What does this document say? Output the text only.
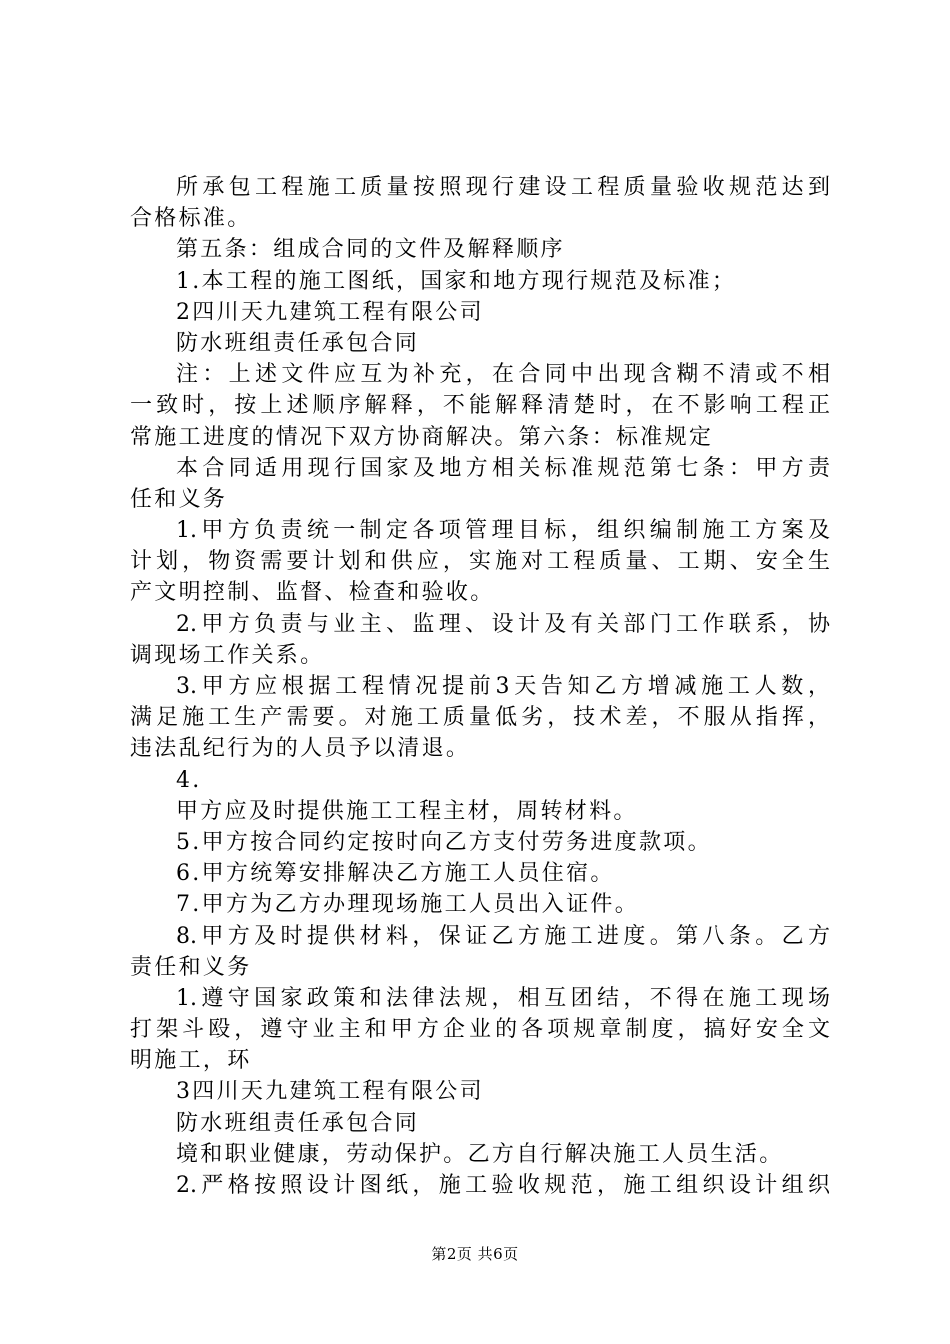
所承包工程施工质量按照现行建设工程质量验收规范达到
合格标准。
第五条：组成合同的文件及解释顺序
1.本工程的施工图纸，国家和地方现行规范及标准；
2四川天九建筑工程有限公司
防水班组责任承包合同
注：上述文件应互为补充，在合同中出现含糊不清或不相
一致时，按上述顺序解释，不能解释清楚时，在不影响工程正
常施工进度的情况下双方协商解决。第六条：标准规定
本合同适用现行国家及地方相关标准规范第七条：甲方责
任和义务
1.甲方负责统一制定各项管理目标，组织编制施工方案及
计划，物资需要计划和供应，实施对工程质量、工期、安全生
产文明控制、监督、检查和验收。
2.甲方负责与业主、监理、设计及有关部门工作联系，协
调现场工作关系。
3.甲方应根据工程情况提前3天告知乙方增减施工人数，
满足施工生产需要。对施工质量低劣，技术差，不服从指挥，
违法乱纪行为的人员予以清退。
4.
甲方应及时提供施工工程主材，周转材料。
5.甲方按合同约定按时向乙方支付劳务进度款项。
6.甲方统筹安排解决乙方施工人员住宿。
7.甲方为乙方办理现场施工人员出入证件。
8.甲方及时提供材料，保证乙方施工进度。第八条。乙方
责任和义务
1.遵守国家政策和法律法规，相互团结，不得在施工现场
打架斗殴，遵守业主和甲方企业的各项规章制度，搞好安全文
明施工，环
3四川天九建筑工程有限公司
防水班组责任承包合同
境和职业健康，劳动保护。乙方自行解决施工人员生活。
2.严格按照设计图纸，施工验收规范，施工组织设计组织
第2页 共6页
